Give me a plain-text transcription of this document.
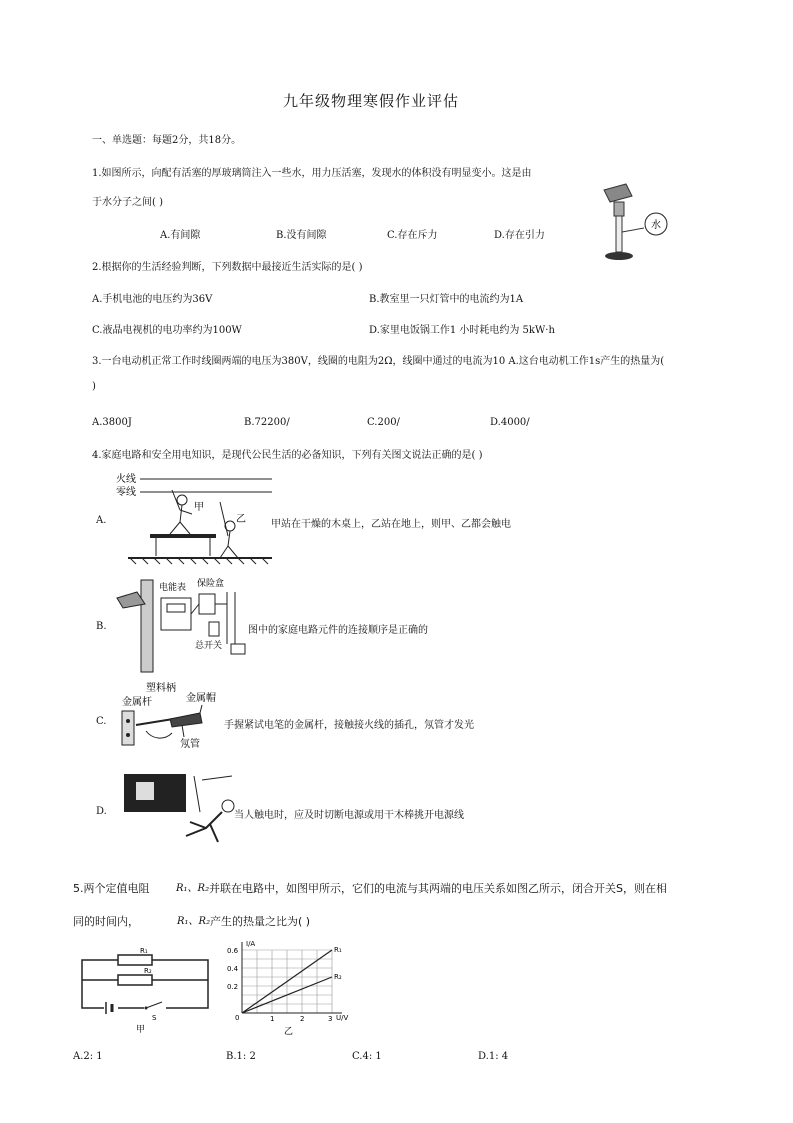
九年级物理寒假作业评估
一、单选题：每题2分，共18分。
1.如图所示，向配有活塞的厚玻璃筒注入一些水，用力压活塞，发现水的体积没有明显变小。这是由
于水分子之间( )
A.有间隙	B.没有间隙	C.存在斥力	D.存在引力
水
2.根据你的生活经验判断，下列数据中最接近生活实际的是( )
A.手机电池的电压约为36V	B.教室里一只灯管中的电流约为1A
C.液晶电视机的电功率约为100W	D.家里电饭锅工作1 小时耗电约为 5kW·h
3.一台电动机正常工作时线圈两端的电压为380V，线圈的电阻为2Ω，线圈中通过的电流为10 A.这台电动机工作1s产生的热量为(
)
A.3800J	B.72200/	C.200/	D.4000/
4.家庭电路和安全用电知识，是现代公民生活的必备知识，下列有关图文说法正确的是( )
A.
火线
零线
甲
乙	甲站在干燥的木桌上，乙站在地上，则甲、乙都会触电
B.
电能表 保险盒
总开关
图中的家庭电路元件的连接顺序是正确的
C.
塑料柄
金属杆	金属帽
氖管
手握紧试电笔的金属杆，接触接火线的插孔，氖管才发光
D.	当人触电时，应及时切断电源或用干木棒挑开电源线
5.两个定值电阻	R₁、R₂ 并联在电路中，如图甲所示，它们的电流与其两端的电压关系如图乙所示，闭合开关S，则在相
同的时间内，	R₁、R₂ 产生的热量之比为( )
R₁
R₂
S
甲
I/A
U/V
R₁
R₂
0.6
0.4
0.2
0	1	2	3
乙
A.2: 1	B.1: 2	C.4: 1	D.1: 4
